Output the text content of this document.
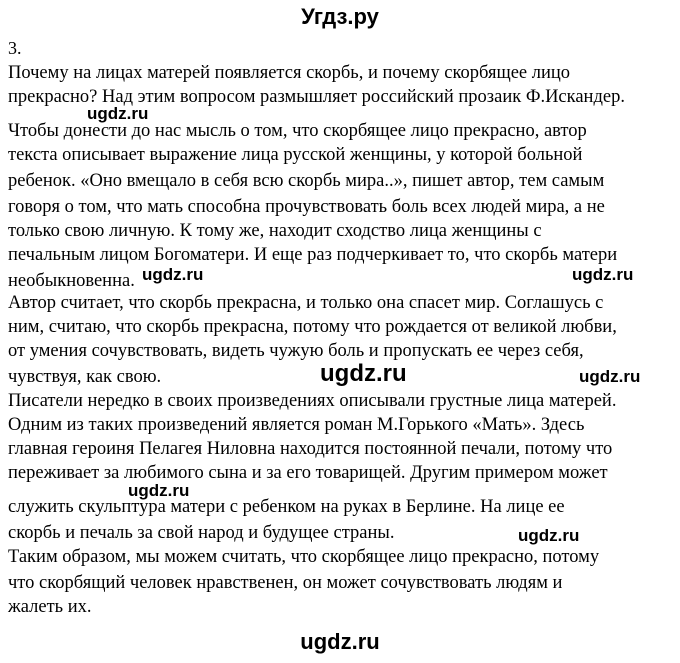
Угдз.ру
3.
Почему на лицах матерей появляется скорбь, и почему скорбящее лицо
прекрасно? Над этим вопросом размышляет российский прозаик Ф.Искандер.
Чтобы донести до нас мысль о том, что скорбящее лицо прекрасно, автор
текста описывает выражение лица русской женщины, у которой больной
ребенок. «Оно вмещало в себя всю скорбь мира..», пишет автор, тем самым
говоря о том, что мать способна прочувствовать боль всех людей мира, а не
только свою личную. К тому же, находит сходство лица женщины с
печальным лицом Богоматери. И еще раз подчеркивает то, что скорбь матери
необыкновенна.
Автор считает, что скорбь прекрасна, и только она спасет мир. Соглашусь с
ним, считаю, что скорбь прекрасна, потому что рождается от великой любви,
от умения сочувствовать, видеть чужую боль и пропускать ее через себя,
чувствуя, как свою.
Писатели нередко в своих произведениях описывали грустные лица матерей.
Одним из таких произведений является роман М.Горького «Мать». Здесь
главная героиня Пелагея Ниловна находится постоянной печали, потому что
переживает за любимого сына и за его товарищей. Другим примером может
служить скульптура матери с ребенком на руках в Берлине. На лице ее
скорбь и печаль за свой народ и будущее страны.
Таким образом, мы можем считать, что скорбящее лицо прекрасно, потому
что скорбящий человек нравственен, он может сочувствовать людям и
жалеть их.
ugdz.ru
ugdz.ru	ugdz.ru
ugdz.ru	ugdz.ru
ugdz.ru
ugdz.ru
ugdz.ru
